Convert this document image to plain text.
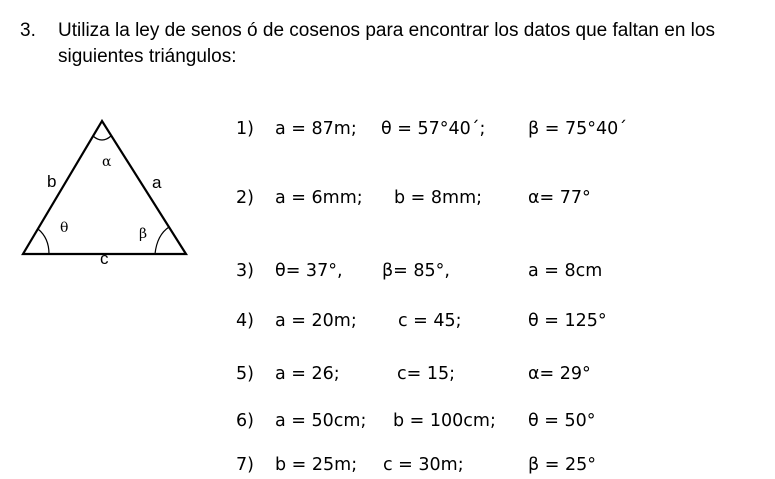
3. Utiliza la ley de senos ó de cosenos para encontrar los datos que faltan en los
siguientes triángulos:
b	a
c
α
θ	β
1) a = 87m; θ = 57°40´; β = 75°40´
2) a = 6mm; b = 8mm;	α= 77°
3) θ= 37°, β= 85°,	a = 8cm
4) a = 20m; c = 45;	θ = 125°
5) a = 26;	c= 15;	α= 29°
6) a = 50cm; b = 100cm; θ = 50°
7) b = 25m; c = 30m;	β = 25°
